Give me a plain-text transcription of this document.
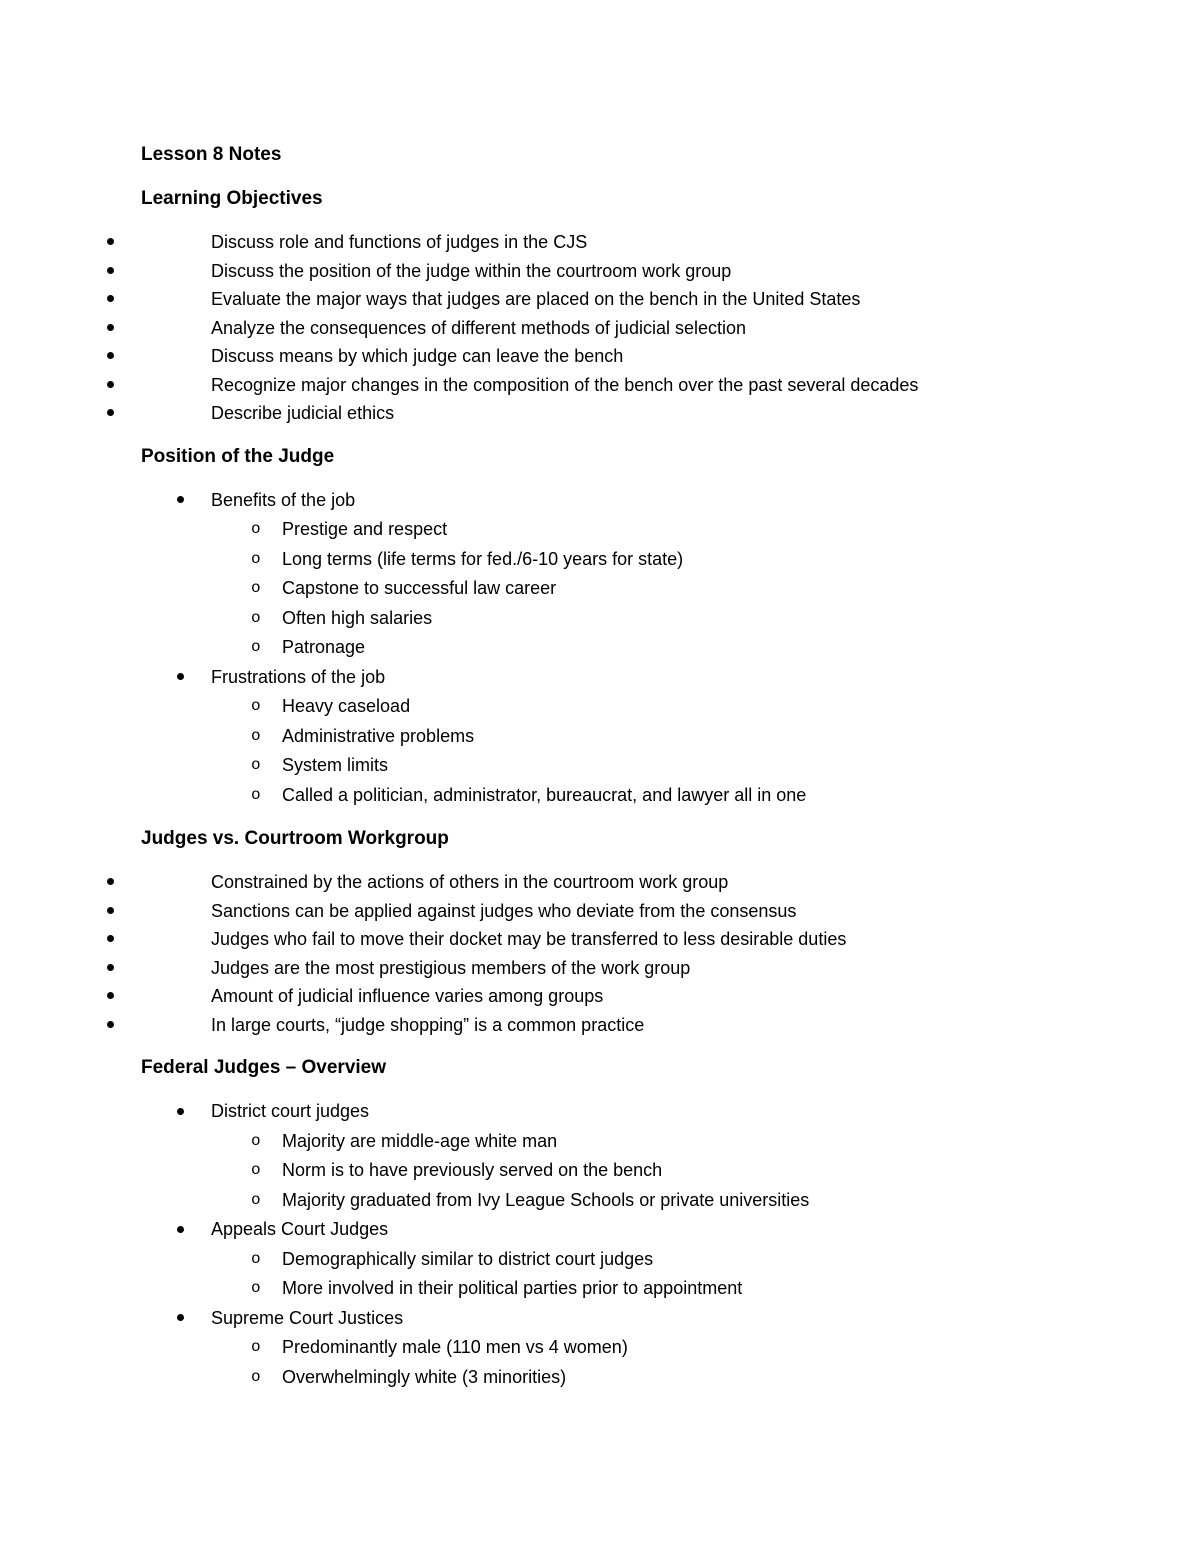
Lesson 8 Notes
Learning Objectives
Discuss role and functions of judges in the CJS
Discuss the position of the judge within the courtroom work group
Evaluate the major ways that judges are placed on the bench in the United States
Analyze the consequences of different methods of judicial selection
Discuss means by which judge can leave the bench
Recognize major changes in the composition of the bench over the past several decades
Describe judicial ethics
Position of the Judge
Benefits of the job
o Prestige and respect
o Long terms (life terms for fed./6-10 years for state)
o Capstone to successful law career
o Often high salaries
o Patronage
Frustrations of the job
o Heavy caseload
o Administrative problems
o System limits
o Called a politician, administrator, bureaucrat, and lawyer all in one
Judges vs. Courtroom Workgroup
Constrained by the actions of others in the courtroom work group
Sanctions can be applied against judges who deviate from the consensus
Judges who fail to move their docket may be transferred to less desirable duties
Judges are the most prestigious members of the work group
Amount of judicial influence varies among groups
In large courts, “judge shopping” is a common practice
Federal Judges – Overview
District court judges
o Majority are middle-age white man
o Norm is to have previously served on the bench
o Majority graduated from Ivy League Schools or private universities
Appeals Court Judges
o Demographically similar to district court judges
o More involved in their political parties prior to appointment
Supreme Court Justices
o Predominantly male (110 men vs 4 women)
o Overwhelmingly white (3 minorities)
